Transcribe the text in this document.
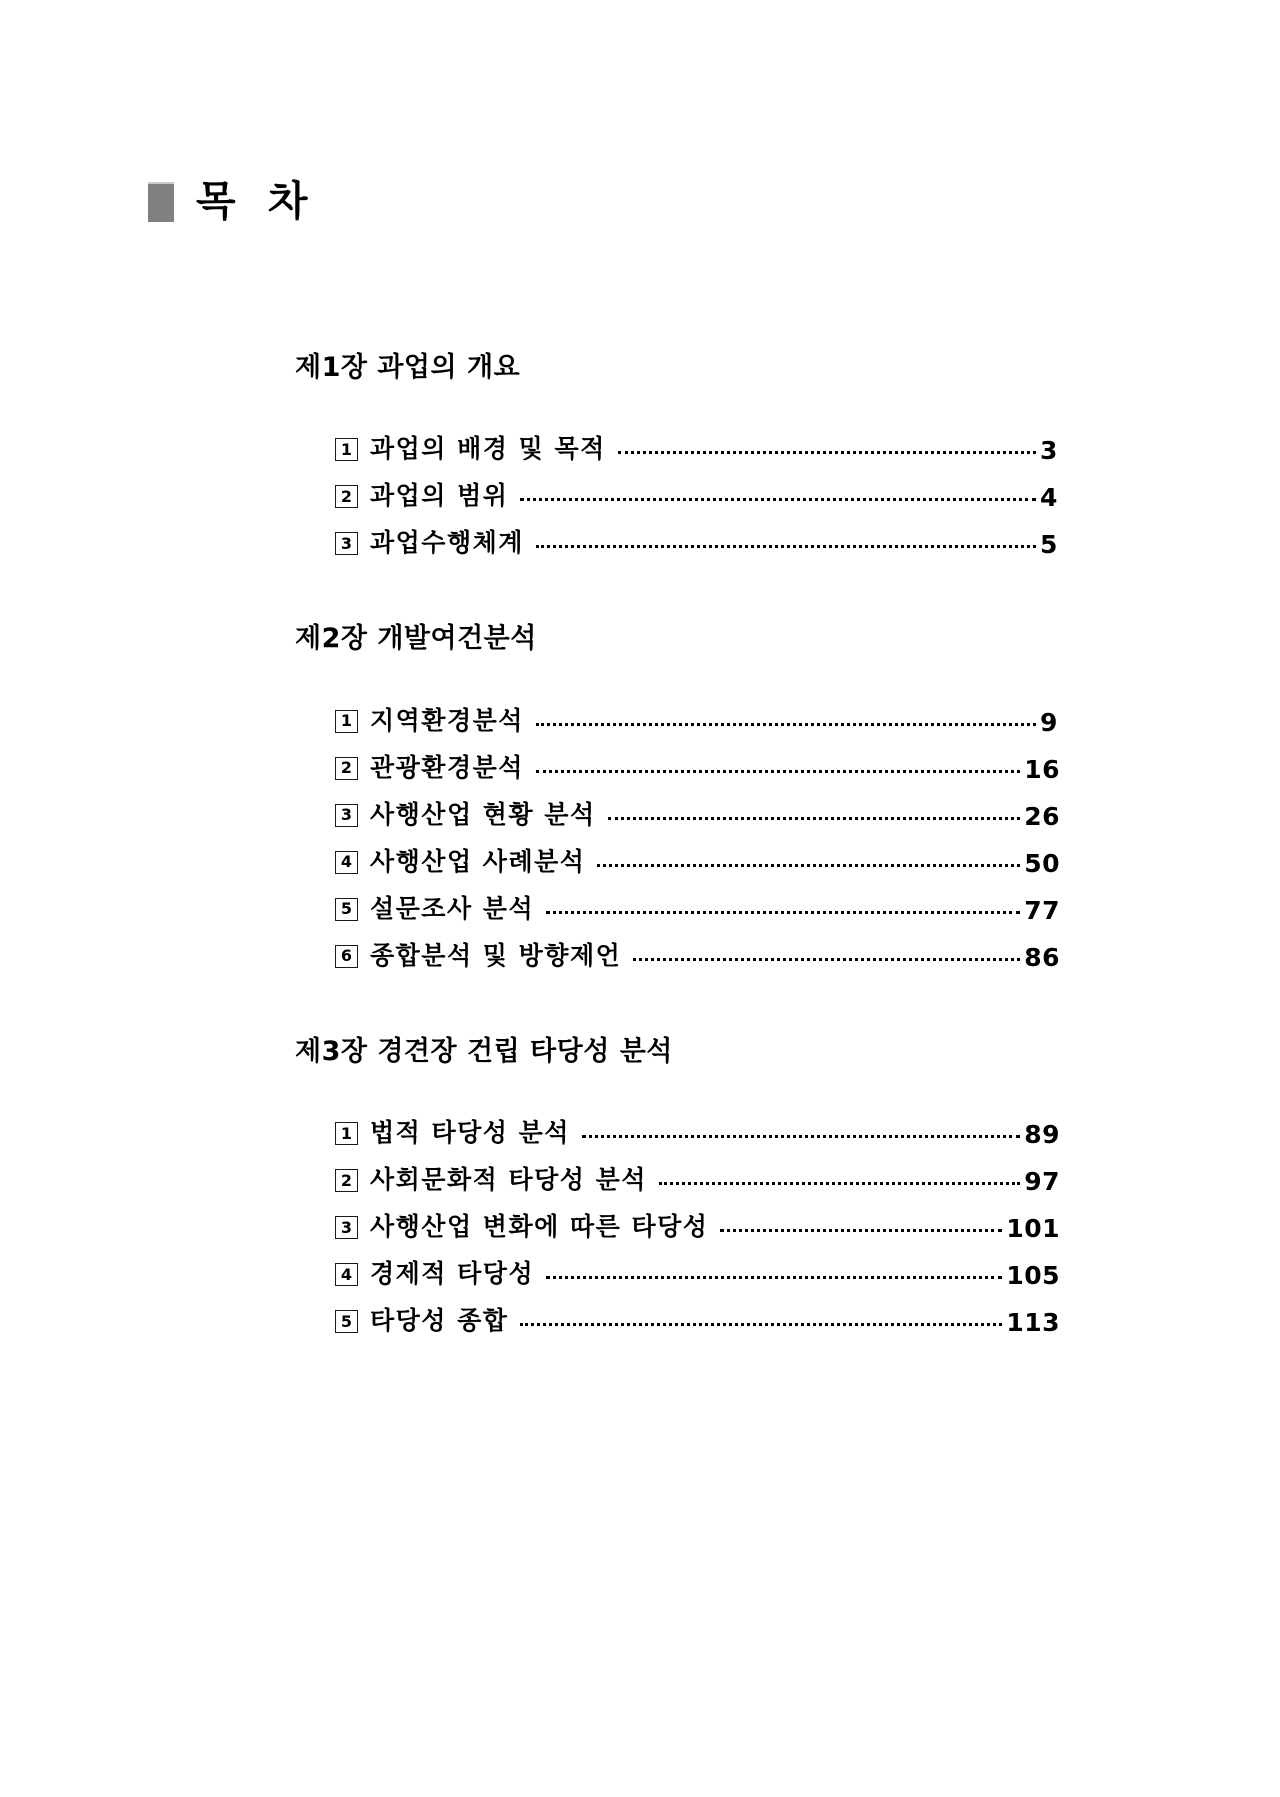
목 차
제1장 과업의 개요
1 과업의 배경 및 목적	3
2 과업의 범위	4
3 과업수행체계	5
제2장 개발여건분석
1 지역환경분석	9
2 관광환경분석	16
3 사행산업 현황 분석	26
4 사행산업 사례분석	50
5 설문조사 분석	77
6 종합분석 및 방향제언	86
제3장 경견장 건립 타당성 분석
1 법적 타당성 분석	89
2 사회문화적 타당성 분석	97
3 사행산업 변화에 따른 타당성	101
4 경제적 타당성	105
5 타당성 종합	113
